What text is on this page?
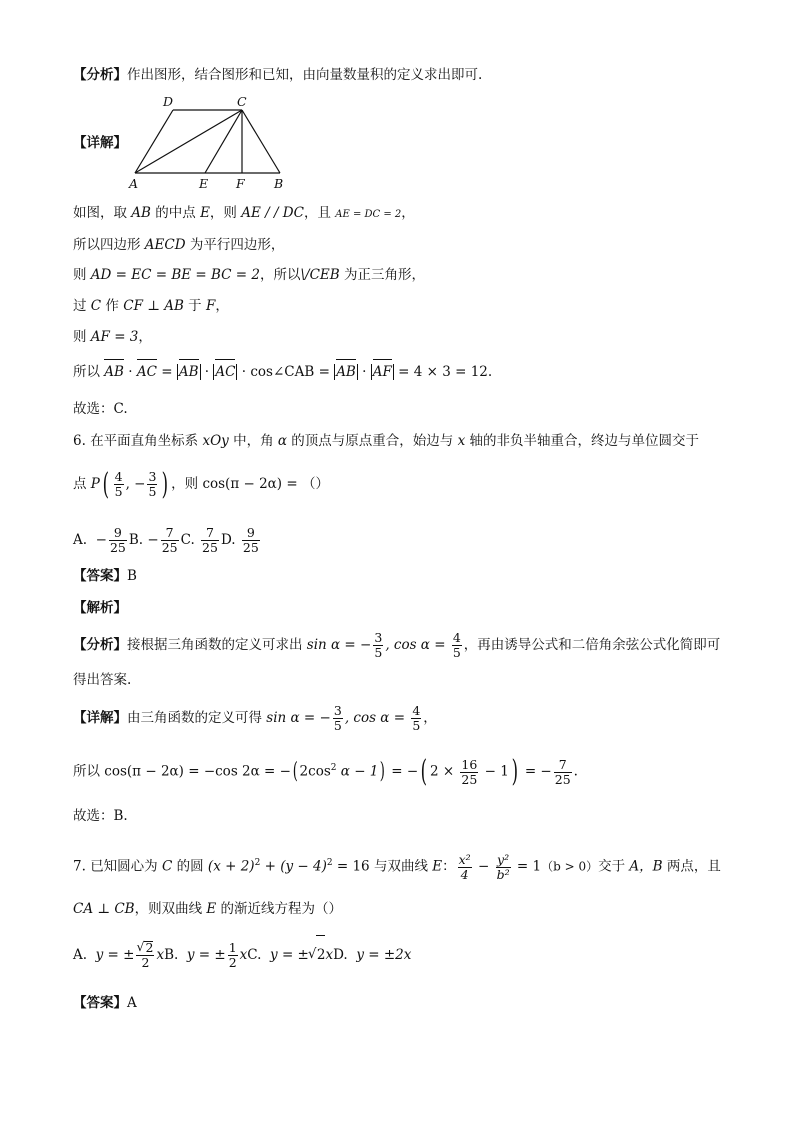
【分析】作出图形，结合图形和已知，由向量数量积的定义求出即可.
D	C
A	E F B
【详解】
如图，取 AB 的中点 E，则 AE / / DC，且 AE = DC = 2，
所以四边形 AECD 为平行四边形，
则 AD = EC = BE = BC = 2，所以\/CEB 为正三角形，
过 C 作 CF ⊥ AB 于 F，
则 AF = 3，
所以 AB · AC = AB · AC · cos∠CAB = AB · AF = 4 × 3 = 12.
故选：C.
6. 在平面直角坐标系 xOy 中，角 α 的顶点与原点重合，始边与 x 轴的非负半轴重合，终边与单位圆交于
点 $P( \frac{4}{5}$ , − $\frac{3}{5}$ ) ，则 cos(π − 2α) = （）
A. − $\frac{9}{25} B$. − $\frac{7}{25} C$. $\frac{7}{25} D$. $\frac{9}{25}$
【答案】B
【解析】
【分析】接根据三角函数的定义可求出 sin α = − $\frac{3}{5}$ , $\cos \alpha = \frac{4}{5}$ ，再由诱导公式和二倍角余弦公式化简即可
得出答案.
【详解】由三角函数的定义可得 sin α = − $\frac{3}{5}$ , $\cos \alpha = \frac{4}{5}$ ，
所以 cos(π − 2α) = −cos 2α = −( $2\cos^2$ α − 1) = −( $2 \times \frac{16}{25} - 1$) = − $\frac{7}{25}$ .
故选：B.
7. 已知圆心为 C 的圆 $(x + 2)^2 + (y - 4)^2 = 16$ 与双曲线 E： $\frac{\text{x²}}{4} - \frac{\text{y²}}{\text{b²}} = 1(b > 0)$交于 A，B 两点，且
CA ⊥ CB，则双曲线 E 的渐近线方程为（）
A. y = ± √ $\frac{2}{2}$ xB. y = ± $\frac{1}{2}$ xC. y = ± √ 2xD. y = ±2x
【答案】A
